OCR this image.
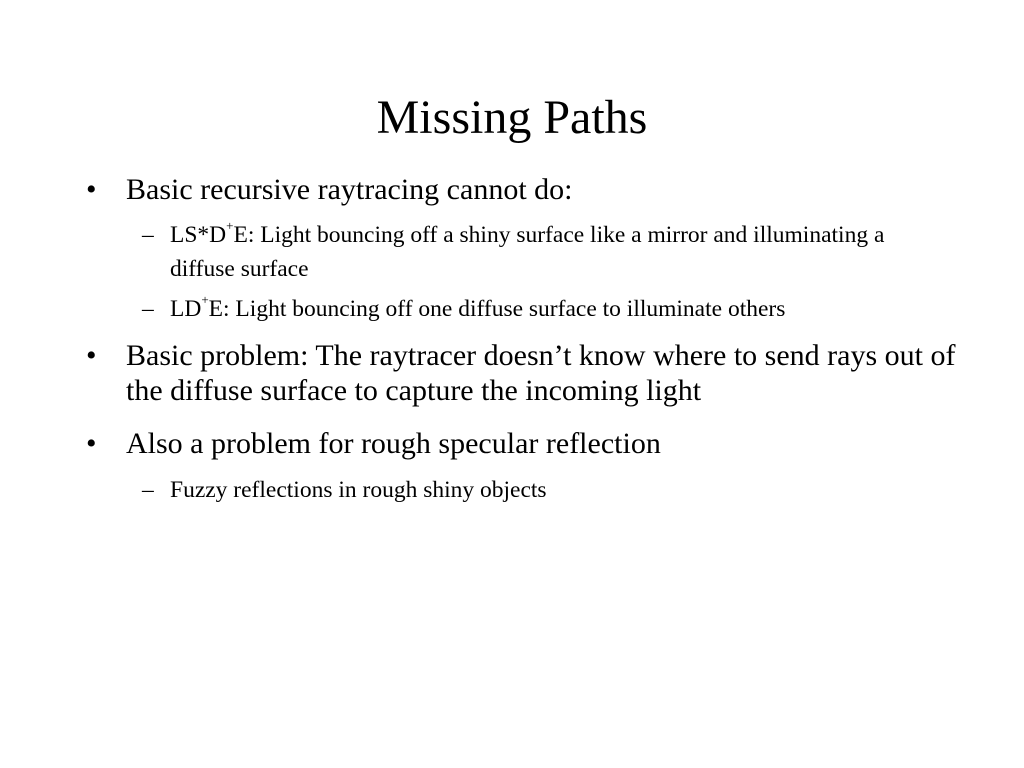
Missing Paths
• Basic recursive raytracing cannot do:
– LS*D+E: Light bouncing off a shiny surface like a mirror and illuminating a diffuse surface
– LD+E: Light bouncing off one diffuse surface to illuminate others
• Basic problem: The raytracer doesn’t know where to send rays out of the diffuse surface to capture the incoming light
• Also a problem for rough specular reflection
– Fuzzy reflections in rough shiny objects
